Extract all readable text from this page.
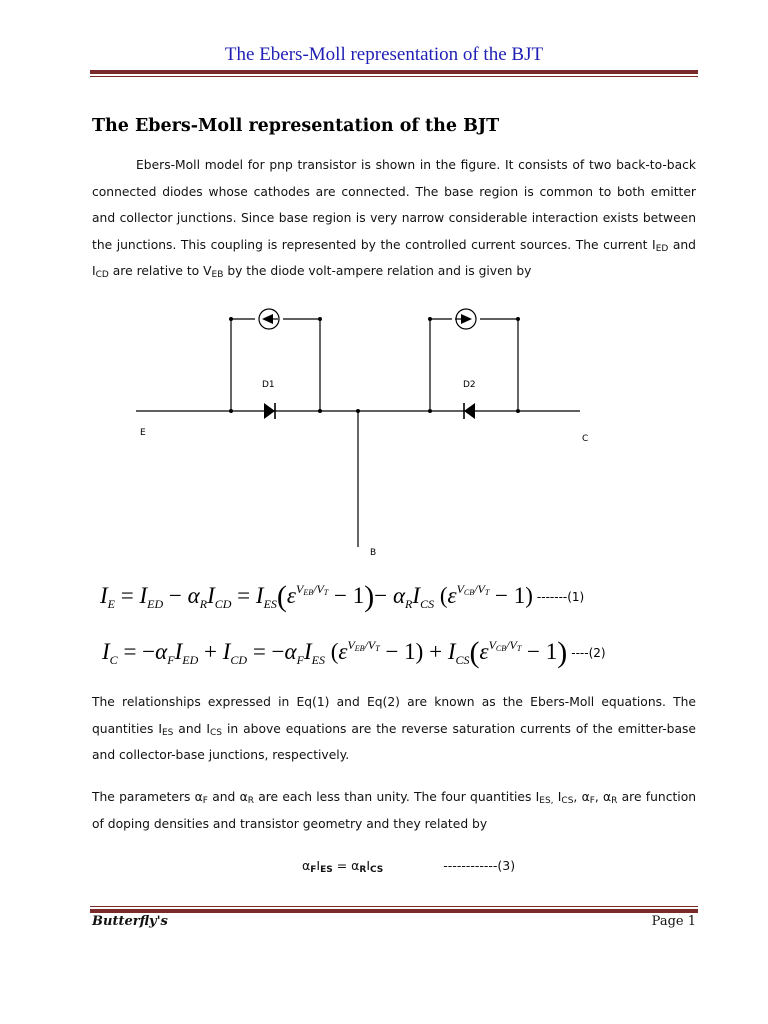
The Ebers-Moll representation of the BJT
The Ebers-Moll representation of the BJT

Ebers-Moll model for pnp transistor is shown in the figure. It consists of two back-to-back connected diodes whose cathodes are connected. The base region is common to both emitter and collector junctions. Since base region is very narrow considerable interaction exists between the junctions. This coupling is represented by the controlled current sources. The current $I_{ED}$ and $I_{CD}$ are relative to $V_{EB}$ by the diode volt-ampere relation and is given by

D1	D2
E
C
B
$I_E = I_{ED} - \alpha_RI_{CD} = I_{ES}(\varepsilon^{V_{EB}/V_T} - 1)- \alpha_RI_{CS}$ $(\varepsilon^{V_{CB}/V_T} - 1)$ -------(1)
$I_C = -\alpha_FI_{ED} + I_{CD} = -\alpha_FI_{ES}$ $(\varepsilon^{V_{EB}/V_T} - 1) + I_{CS}(\varepsilon^{V_{CB}/V_T} - 1)$ ----(2)

The relationships expressed in Eq(1) and Eq(2) are known as the Ebers-Moll equations. The quantities $I_{ES}$ and $I_{CS}$ in above equations are the reverse saturation currents of the emitter-base and collector-base junctions, respectively.

The parameters $\alpha_F$ and $\alpha_R$ are each less than unity. The four quantities $I_{ES,}$ $I_{CS}$, $\alpha_F$, $\alpha_R$ are function of doping densities and transistor geometry and they related by

$\alpha_FI_{ES} = \alpha_RI_{CS}$	------------(3)
Butterfly's	Page 1
